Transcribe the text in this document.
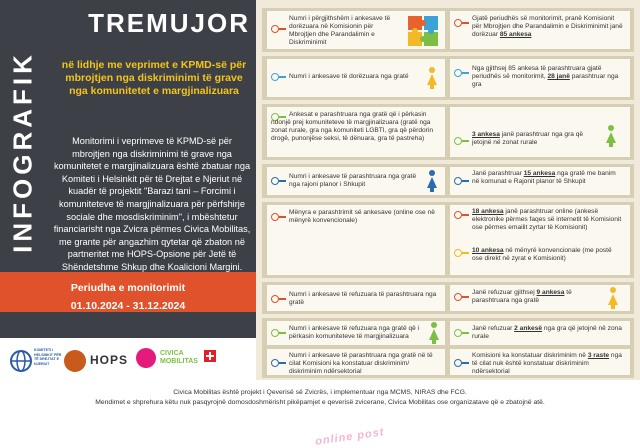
INFOGRAFIK
TREMUJOR
në lidhje me veprimet e KPMD-së për mbrojtjen nga diskriminimi të grave nga komunitetet e margjinalizuara
Monitorimi i veprimeve të KPMD-së për mbrojtjen nga diskriminimi të grave nga komunitetet e margjinalizuara është zbatuar nga Komiteti i Helsinkit për të Drejtat e Njeriut në kuadër të projektit "Barazi tani – Forcimi i komuniteteve të margjinalizuara për përfshirje sociale dhe mosdiskriminim", i mbështetur financiarisht nga Zvicra përmes Civica Mobilitas, me grante për angazhim qytetar që zbaton në partneritet me HOPS-Opsione për Jetë të Shëndetshme Shkup dhe Koalicioni Margini.
Periudha e monitorimit
01.10.2024 - 31.12.2024
Numri i përgjithshëm i ankesave të dorëzuara në Komisionin për Mbrojtjen dhe Parandalimin e Diskriminimit
Gjatë periudhës së monitorimit, pranë Komisionit për Mbrojtjen dhe Parandalimin e Diskriminimit janë dorëzuar 85 ankesa
Numri i ankesave të dorëzuara nga gratë
Nga gjithsej 85 ankesa të parashtruara gjatë periudhës së monitorimit, 28 janë parashtruar nga gra
Ankesat e parashtruara nga gratë që i përkasin ndonjë prej komuniteteve të margjinalizuara (gratë nga zonat rurale, gra nga komuniteti LGBTI, gra që përdorin drogë, punonjëse seksi, të dënuara, gra të pastreha)
3 ankesa janë parashtruar nga gra që jetojnë në zonat rurale
Numri i ankesave të parashtruara nga gratë nga rajoni planor i Shkupit
Janë parashtruar 15 ankesa nga gratë me banim në komunat e Rajonit planor të Shkupit
Mënyra e parashtrimit së ankesave (online ose në mënyrë konvencionale)
online post
18 ankesa janë parashtruar online (ankesë elektronike përmes faqes së internetit të Komisionit ose përmes emailit zyrtar të Komisionit)
10 ankesa në mënyrë konvencionale (me postë ose direkt në zyrat e Komisionit)
Numri i ankesave të refuzuara të parashtruara nga gratë
Janë refuzuar gjithsej 9 ankesa të parashtruara nga gratë
Numri i ankesave të refuzuara nga gratë që i përkasin komuniteteve të margjinalizuara
Janë refuzuar 2 ankesë nga gra që jetojnë në zona rurale
Numri i ankesave të parashtruara nga gratë në të cilat Komisioni ka konstatuar diskriminim/ diskriminim ndërsektorial
Komisioni ka konstatuar diskriminim në 3 raste nga të cilat nuk është konstatuar diskriminim ndërsektorial
KOMITETI I HELSINKIT PËR TË DREJTAT E NJERIUT	HOPS	CIVICA MOBILITAS
Civica Mobilitas është projekt i Qeverisë së Zvicrës, i implementuar nga MCMS, NIRAS dhe FCG.
Mendimet e shprehura këtu nuk pasqyrojnë domosdoshmërisht pikëpamjet e qeverisë zvicerane, Civica Mobilitas ose organizatave që e zbatojnë atë.
